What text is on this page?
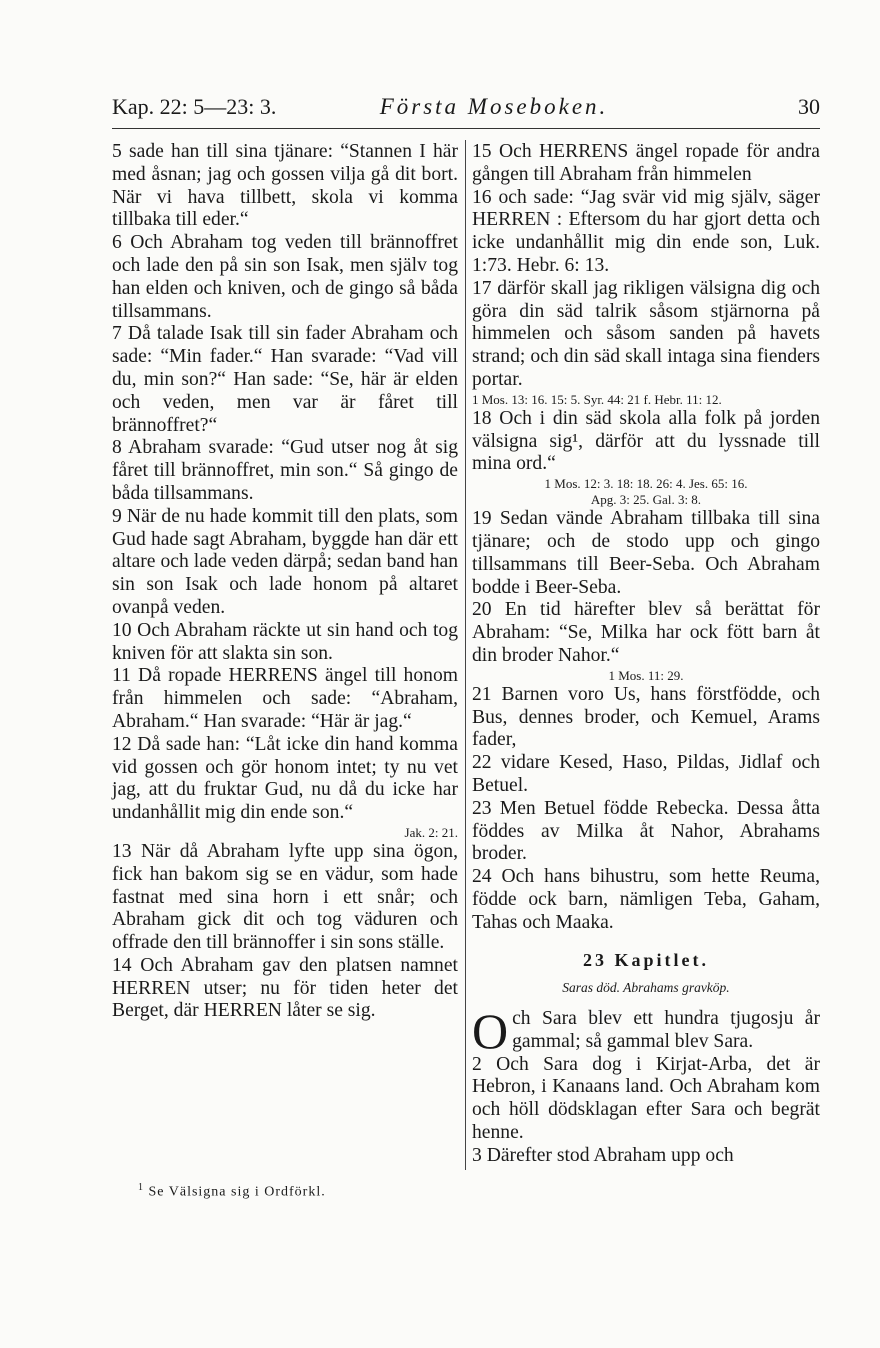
Kap. 22: 5—23: 3.	Första Moseboken.	30

5 sade han till sina tjänare: “Stannen I här med åsnan; jag och gossen vilja gå dit bort. När vi hava tillbett, skola vi komma tillbaka till eder.“

6 Och Abraham tog veden till brännoffret och lade den på sin son Isak, men själv tog han elden och kniven, och de gingo så båda tillsammans.

7 Då talade Isak till sin fader Abraham och sade: “Min fader.“ Han svarade: “Vad vill du, min son?“ Han sade: “Se, här är elden och veden, men var är fåret till brännoffret?“

8 Abraham svarade: “Gud utser nog åt sig fåret till brännoffret, min son.“ Så gingo de båda tillsammans.

9 När de nu hade kommit till den plats, som Gud hade sagt Abraham, byggde han där ett altare och lade veden därpå; sedan band han sin son Isak och lade honom på altaret ovanpå veden.

10 Och Abraham räckte ut sin hand och tog kniven för att slakta sin son.

11 Då ropade HERRENS ängel till honom från himmelen och sade: “Abraham, Abraham.“ Han svarade: “Här är jag.“

12 Då sade han: “Låt icke din hand komma vid gossen och gör honom intet; ty nu vet jag, att du fruktar Gud, nu då du icke har undanhållit mig din ende son.“

Jak. 2: 21.

13 När då Abraham lyfte upp sina ögon, fick han bakom sig se en vädur, som hade fastnat med sina horn i ett snår; och Abraham gick dit och tog väduren och offrade den till brännoffer i sin sons ställe.

14 Och Abraham gav den platsen namnet HERREN utser; nu för tiden heter det Berget, där HERREN låter se sig.

15 Och HERRENS ängel ropade för andra gången till Abraham från himmelen

16 och sade: “Jag svär vid mig själv, säger HERREN : Eftersom du har gjort detta och icke undanhållit mig din ende son, Luk. 1:73. Hebr. 6: 13.

17 därför skall jag rikligen välsigna dig och göra din säd talrik såsom stjärnorna på himmelen och såsom sanden på havets strand; och din säd skall intaga sina fienders portar.

1 Mos. 13: 16. 15: 5. Syr. 44: 21 f. Hebr. 11: 12.

18 Och i din säd skola alla folk på jorden välsigna sig¹, därför att du lyssnade till mina ord.“

1 Mos. 12: 3. 18: 18. 26: 4. Jes. 65: 16.

Apg. 3: 25. Gal. 3: 8.

19 Sedan vände Abraham tillbaka till sina tjänare; och de stodo upp och gingo tillsammans till Beer-Seba. Och Abraham bodde i Beer-Seba.

20 En tid härefter blev så berättat för Abraham: “Se, Milka har ock fött barn åt din broder Nahor.“

1 Mos. 11: 29.

21 Barnen voro Us, hans förstfödde, och Bus, dennes broder, och Kemuel, Arams fader,

22 vidare Kesed, Haso, Pildas, Jidlaf och Betuel.

23 Men Betuel födde Rebecka. Dessa åtta föddes av Milka åt Nahor, Abrahams broder.

24 Och hans bihustru, som hette Reuma, födde ock barn, nämligen Teba, Gaham, Tahas och Maaka.

23 Kapitlet.
Saras död. Abrahams gravköp.

Och Sara blev ett hundra tjugosju år gammal; så gammal blev Sara.

2 Och Sara dog i Kirjat-Arba, det är Hebron, i Kanaans land. Och Abraham kom och höll dödsklagan efter Sara och begrät henne.

3 Därefter stod Abraham upp och

$^1$ Se Välsigna sig i Ordförkl.
